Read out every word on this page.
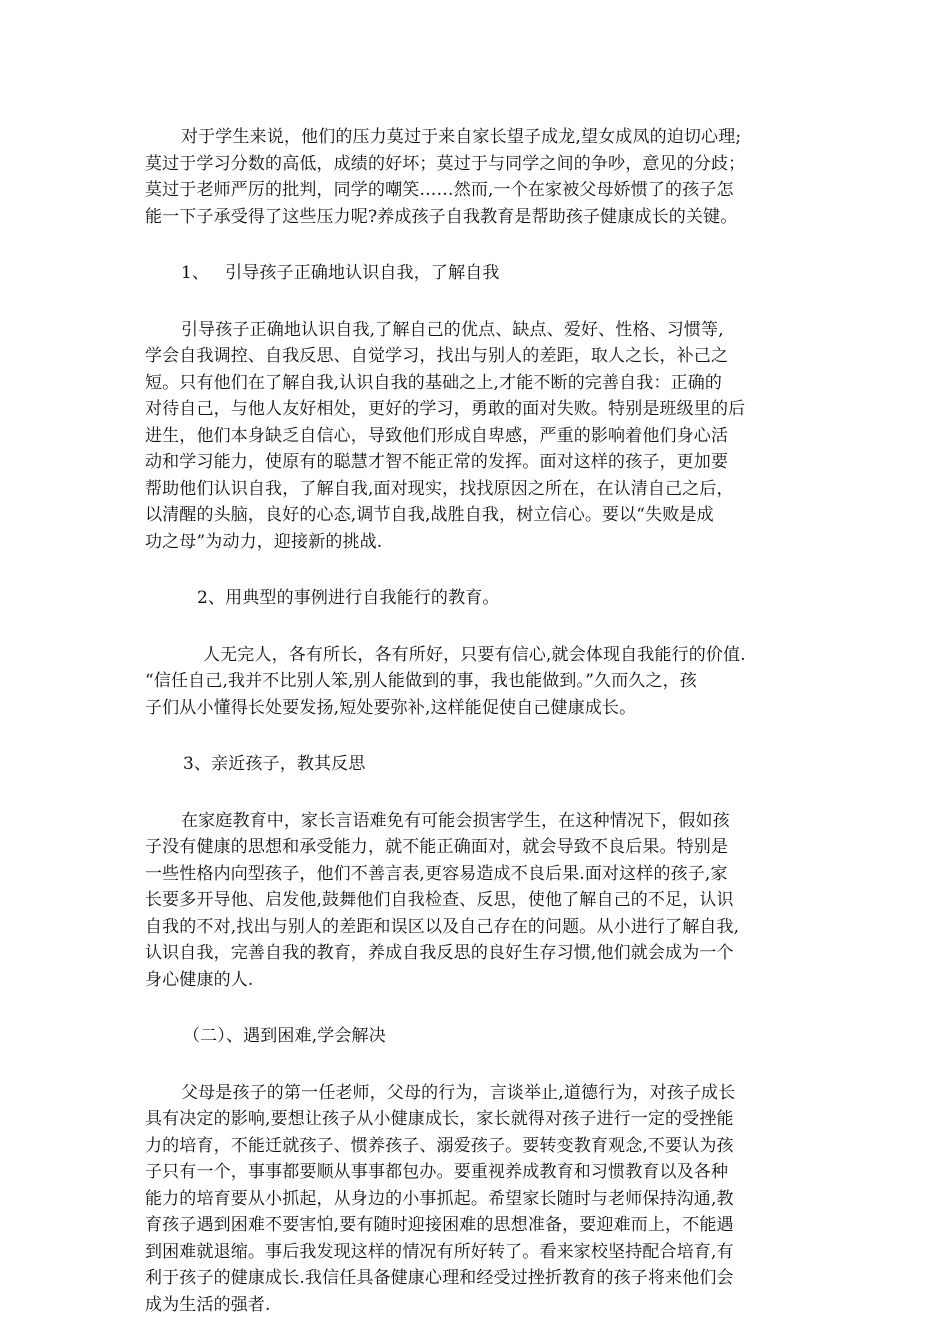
对于学生来说，他们的压力莫过于来自家长望子成龙,望女成凤的迫切心理;
莫过于学习分数的高低，成绩的好坏；莫过于与同学之间的争吵，意见的分歧；
莫过于老师严厉的批判，同学的嘲笑……然而,一个在家被父母娇惯了的孩子怎
能一下子承受得了这些压力呢?养成孩子自我教育是帮助孩子健康成长的关键。
1、 引导孩子正确地认识自我，了解自我
引导孩子正确地认识自我,了解自己的优点、缺点、爱好、性格、习惯等,
学会自我调控、自我反思、自觉学习，找出与别人的差距，取人之长，补己之
短。只有他们在了解自我,认识自我的基础之上,才能不断的完善自我：正确的
对待自己，与他人友好相处，更好的学习，勇敢的面对失败。特别是班级里的后
进生，他们本身缺乏自信心，导致他们形成自卑感，严重的影响着他们身心活
动和学习能力，使原有的聪慧才智不能正常的发挥。面对这样的孩子，更加要
帮助他们认识自我，了解自我,面对现实，找找原因之所在，在认清自己之后，
以清醒的头脑，良好的心态,调节自我,战胜自我，树立信心。要以“失败是成
功之母”为动力，迎接新的挑战.
2、用典型的事例进行自我能行的教育。
人无完人，各有所长，各有所好，只要有信心,就会体现自我能行的价值.
“信任自己,我并不比别人笨,别人能做到的事，我也能做到。”久而久之，孩
子们从小懂得长处要发扬,短处要弥补,这样能促使自己健康成长。
3、亲近孩子，教其反思
在家庭教育中，家长言语难免有可能会损害学生，在这种情况下，假如孩
子没有健康的思想和承受能力，就不能正确面对，就会导致不良后果。特别是
一些性格内向型孩子，他们不善言表,更容易造成不良后果.面对这样的孩子,家
长要多开导他、启发他,鼓舞他们自我检查、反思，使他了解自己的不足，认识
自我的不对,找出与别人的差距和误区以及自己存在的问题。从小进行了解自我,
认识自我，完善自我的教育，养成自我反思的良好生存习惯,他们就会成为一个
身心健康的人.
（二）、遇到困难,学会解决
父母是孩子的第一任老师，父母的行为，言谈举止,道德行为，对孩子成长
具有决定的影响,要想让孩子从小健康成长，家长就得对孩子进行一定的受挫能
力的培育，不能迁就孩子、惯养孩子、溺爱孩子。要转变教育观念,不要认为孩
子只有一个，事事都要顺从事事都包办。要重视养成教育和习惯教育以及各种
能力的培育要从小抓起，从身边的小事抓起。希望家长随时与老师保持沟通,教
育孩子遇到困难不要害怕,要有随时迎接困难的思想准备，要迎难而上，不能遇
到困难就退缩。事后我发现这样的情况有所好转了。看来家校坚持配合培育,有
利于孩子的健康成长.我信任具备健康心理和经受过挫折教育的孩子将来他们会
成为生活的强者.
